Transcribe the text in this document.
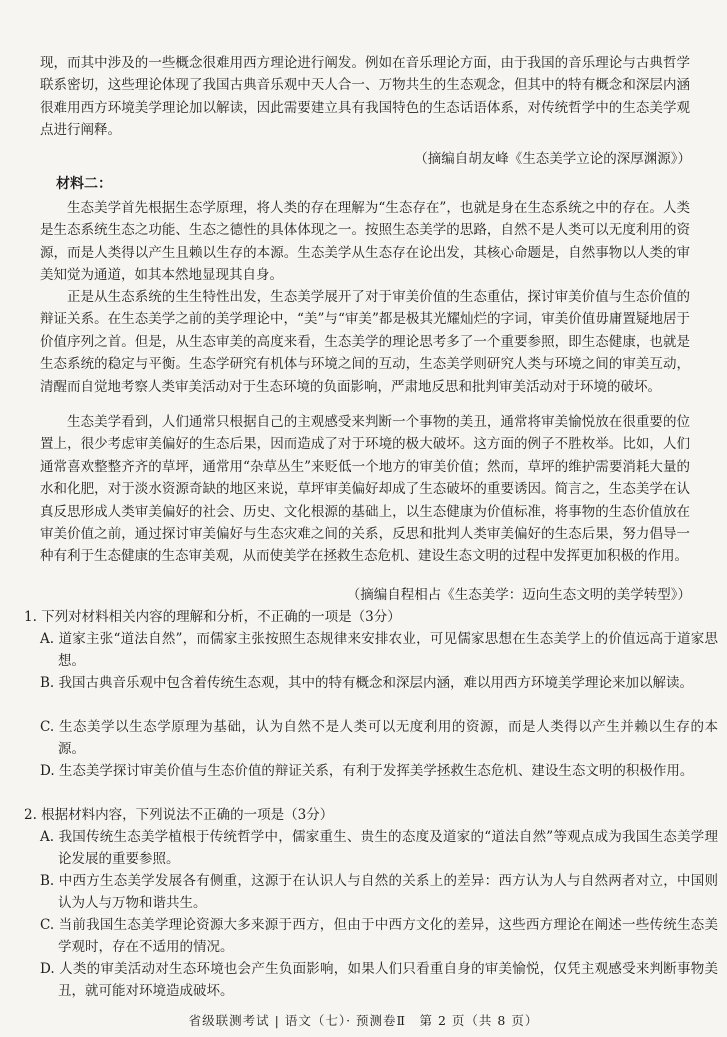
现，而其中涉及的一些概念很难用西方理论进行阐发。例如在音乐理论方面，由于我国的音乐理论与古典哲学联系密切，这些理论体现了我国古典音乐观中天人合一、万物共生的生态观念，但其中的特有概念和深层内涵很难用西方环境美学理论加以解读，因此需要建立具有我国特色的生态话语体系，对传统哲学中的生态美学观点进行阐释。
（摘编自胡友峰《生态美学立论的深厚渊源》）
材料二：
生态美学首先根据生态学原理，将人类的存在理解为“生态存在”，也就是身在生态系统之中的存在。人类是生态系统生态之功能、生态之德性的具体体现之一。按照生态美学的思路，自然不是人类可以无度利用的资源，而是人类得以产生且赖以生存的本源。生态美学从生态存在论出发，其核心命题是，自然事物以人类的审美知觉为通道，如其本然地显现其自身。
正是从生态系统的生生特性出发，生态美学展开了对于审美价值的生态重估，探讨审美价值与生态价值的辩证关系。在生态美学之前的美学理论中，“美”与“审美”都是极其光耀灿烂的字词，审美价值毋庸置疑地居于价值序列之首。但是，从生态审美的高度来看，生态美学的理论思考多了一个重要参照，即生态健康，也就是生态系统的稳定与平衡。生态学研究有机体与环境之间的互动，生态美学则研究人类与环境之间的审美互动，清醒而自觉地考察人类审美活动对于生态环境的负面影响，严肃地反思和批判审美活动对于环境的破坏。
生态美学看到，人们通常只根据自己的主观感受来判断一个事物的美丑，通常将审美愉悦放在很重要的位置上，很少考虑审美偏好的生态后果，因而造成了对于环境的极大破坏。这方面的例子不胜枚举。比如，人们通常喜欢整整齐齐的草坪，通常用“杂草丛生”来贬低一个地方的审美价值；然而，草坪的维护需要消耗大量的水和化肥，对于淡水资源奇缺的地区来说，草坪审美偏好却成了生态破坏的重要诱因。简言之，生态美学在认真反思形成人类审美偏好的社会、历史、文化根源的基础上，以生态健康为价值标准，将事物的生态价值放在审美价值之前，通过探讨审美偏好与生态灾难之间的关系，反思和批判人类审美偏好的生态后果，努力倡导一种有利于生态健康的生态审美观，从而使美学在拯救生态危机、建设生态文明的过程中发挥更加积极的作用。
（摘编自程相占《生态美学：迈向生态文明的美学转型》）
1. 下列对材料相关内容的理解和分析，不正确的一项是（3分）
A. 道家主张“道法自然”，而儒家主张按照生态规律来安排农业，可见儒家思想在生态美学上的价值远高于道家思想。
B. 我国古典音乐观中包含着传统生态观，其中的特有概念和深层内涵，难以用西方环境美学理论来加以解读。
C. 生态美学以生态学原理为基础，认为自然不是人类可以无度利用的资源，而是人类得以产生并赖以生存的本源。
D. 生态美学探讨审美价值与生态价值的辩证关系，有利于发挥美学拯救生态危机、建设生态文明的积极作用。
2. 根据材料内容，下列说法不正确的一项是（3分）
A. 我国传统生态美学植根于传统哲学中，儒家重生、贵生的态度及道家的“道法自然”等观点成为我国生态美学理论发展的重要参照。
B. 中西方生态美学发展各有侧重，这源于在认识人与自然的关系上的差异：西方认为人与自然两者对立，中国则认为人与万物和谐共生。
C. 当前我国生态美学理论资源大多来源于西方，但由于中西方文化的差异，这些西方理论在阐述一些传统生态美学观时，存在不适用的情况。
D. 人类的审美活动对生态环境也会产生负面影响，如果人们只看重自身的审美愉悦，仅凭主观感受来判断事物美丑，就可能对环境造成破坏。
省级联测考试 | 语文（七）· 预测卷Ⅱ　第 2 页（共 8 页）
